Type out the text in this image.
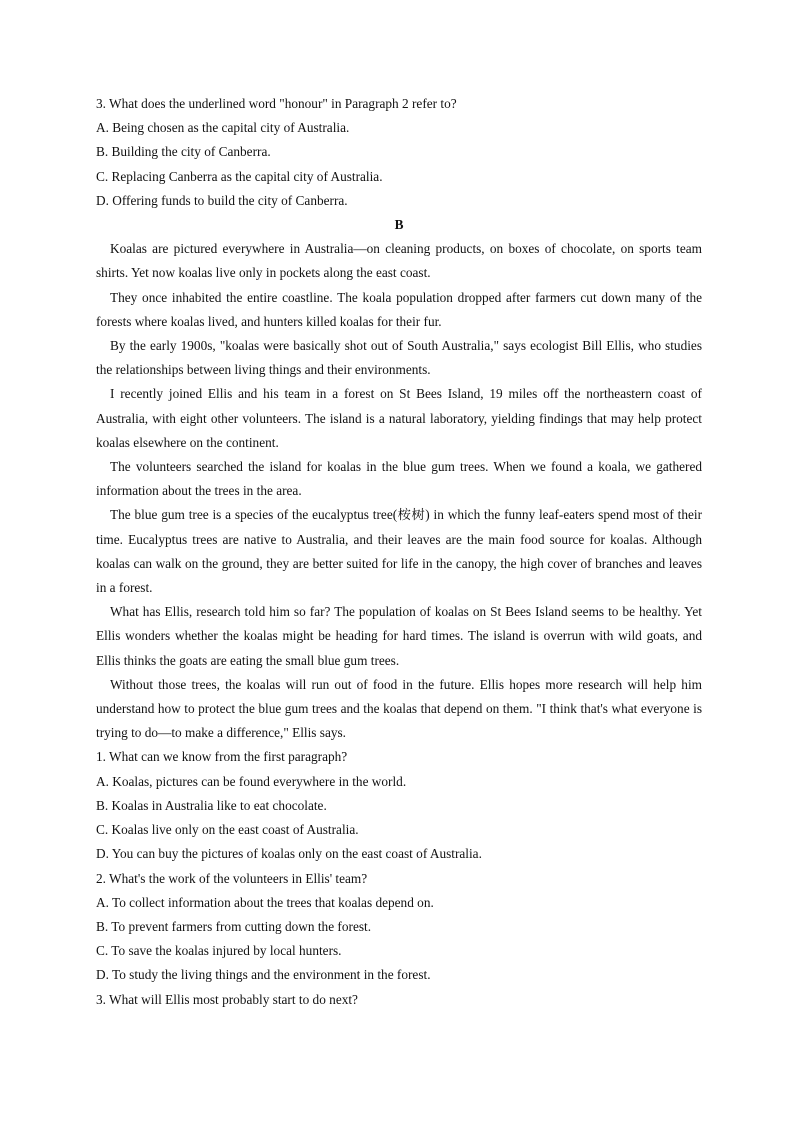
3. What does the underlined word "honour" in Paragraph 2 refer to?

A. Being chosen as the capital city of Australia.

B. Building the city of Canberra.

C. Replacing Canberra as the capital city of Australia.

D. Offering funds to build the city of Canberra.

B

Koalas are pictured everywhere in Australia—on cleaning products, on boxes of chocolate, on sports team shirts. Yet now koalas live only in pockets along the east coast.

They once inhabited the entire coastline. The koala population dropped after farmers cut down many of the forests where koalas lived, and hunters killed koalas for their fur.

By the early 1900s, "koalas were basically shot out of South Australia," says ecologist Bill Ellis, who studies the relationships between living things and their environments.

I recently joined Ellis and his team in a forest on St Bees Island, 19 miles off the northeastern coast of Australia, with eight other volunteers. The island is a natural laboratory, yielding findings that may help protect koalas elsewhere on the continent.

The volunteers searched the island for koalas in the blue gum trees. When we found a koala, we gathered information about the trees in the area.

The blue gum tree is a species of the eucalyptus tree(桉树) in which the funny leaf-eaters spend most of their time. Eucalyptus trees are native to Australia, and their leaves are the main food source for koalas. Although koalas can walk on the ground, they are better suited for life in the canopy, the high cover of branches and leaves in a forest.

What has Ellis, research told him so far? The population of koalas on St Bees Island seems to be healthy. Yet Ellis wonders whether the koalas might be heading for hard times. The island is overrun with wild goats, and Ellis thinks the goats are eating the small blue gum trees.

Without those trees, the koalas will run out of food in the future. Ellis hopes more research will help him understand how to protect the blue gum trees and the koalas that depend on them. "I think that's what everyone is trying to do—to make a difference," Ellis says.

1. What can we know from the first paragraph?

A. Koalas, pictures can be found everywhere in the world.

B. Koalas in Australia like to eat chocolate.

C. Koalas live only on the east coast of Australia.

D. You can buy the pictures of koalas only on the east coast of Australia.

2. What's the work of the volunteers in Ellis' team?

A. To collect information about the trees that koalas depend on.

B. To prevent farmers from cutting down the forest.

C. To save the koalas injured by local hunters.

D. To study the living things and the environment in the forest.

3. What will Ellis most probably start to do next?
